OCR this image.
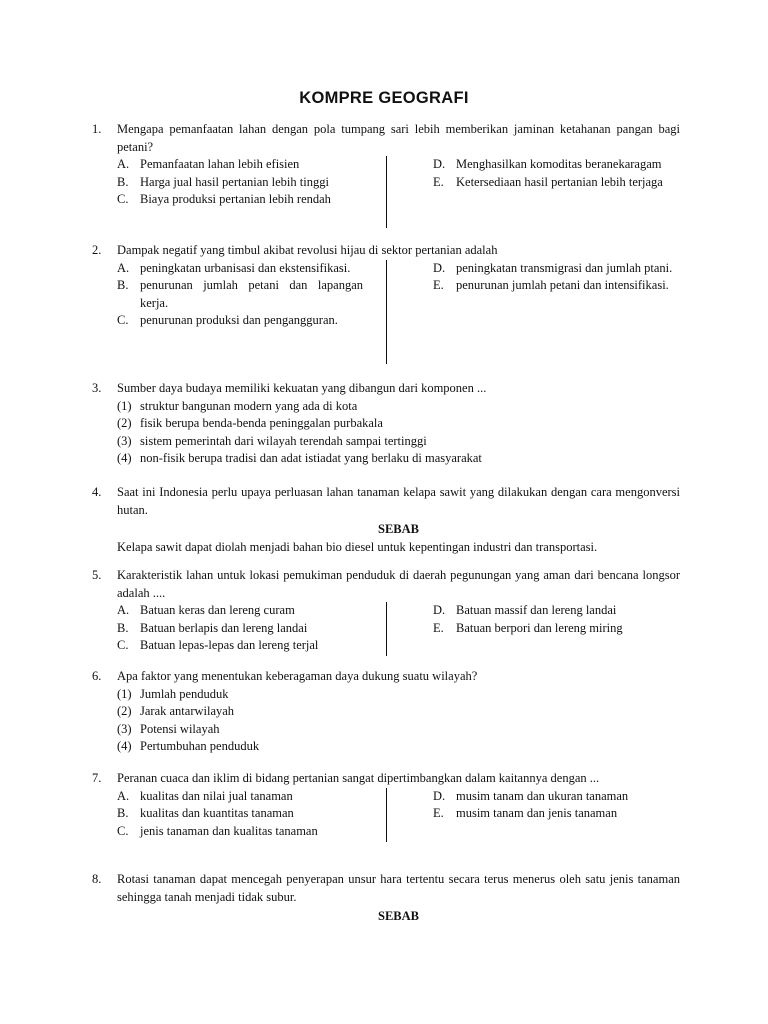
KOMPRE GEOGRAFI
1. Mengapa pemanfaatan lahan dengan pola tumpang sari lebih memberikan jaminan ketahanan pangan bagi petani?
A. Pemanfaatan lahan lebih efisien
B. Harga jual hasil pertanian lebih tinggi
C. Biaya produksi pertanian lebih rendah
D. Menghasilkan komoditas beranekaragam
E. Ketersediaan hasil pertanian lebih terjaga
2. Dampak negatif yang timbul akibat revolusi hijau di sektor pertanian adalah
A. peningkatan urbanisasi dan ekstensifikasi.
B. penurunan jumlah petani dan lapangan kerja.
C. penurunan produksi dan pengangguran.
D. peningkatan transmigrasi dan jumlah ptani.
E. penurunan jumlah petani dan intensifikasi.
3. Sumber daya budaya memiliki kekuatan yang dibangun dari komponen ...
(1) struktur bangunan modern yang ada di kota
(2) fisik berupa benda-benda peninggalan purbakala
(3) sistem pemerintah dari wilayah terendah sampai tertinggi
(4) non-fisik berupa tradisi dan adat istiadat yang berlaku di masyarakat
4. Saat ini Indonesia perlu upaya perluasan lahan tanaman kelapa sawit yang dilakukan dengan cara mengonversi hutan.
SEBAB
Kelapa sawit dapat diolah menjadi bahan bio diesel untuk kepentingan industri dan transportasi.
5. Karakteristik lahan untuk lokasi pemukiman penduduk di daerah pegunungan yang aman dari bencana longsor adalah ....
A. Batuan keras dan lereng curam
B. Batuan berlapis dan lereng landai
C. Batuan lepas-lepas dan lereng terjal
D. Batuan massif dan lereng landai
E. Batuan berpori dan lereng miring
6. Apa faktor yang menentukan keberagaman daya dukung suatu wilayah?
(1) Jumlah penduduk
(2) Jarak antarwilayah
(3) Potensi wilayah
(4) Pertumbuhan penduduk
7. Peranan cuaca dan iklim di bidang pertanian sangat dipertimbangkan dalam kaitannya dengan ...
A. kualitas dan nilai jual tanaman
B. kualitas dan kuantitas tanaman
C. jenis tanaman dan kualitas tanaman
D. musim tanam dan ukuran tanaman
E. musim tanam dan jenis tanaman
8. Rotasi tanaman dapat mencegah penyerapan unsur hara tertentu secara terus menerus oleh satu jenis tanaman sehingga tanah menjadi tidak subur.
SEBAB
